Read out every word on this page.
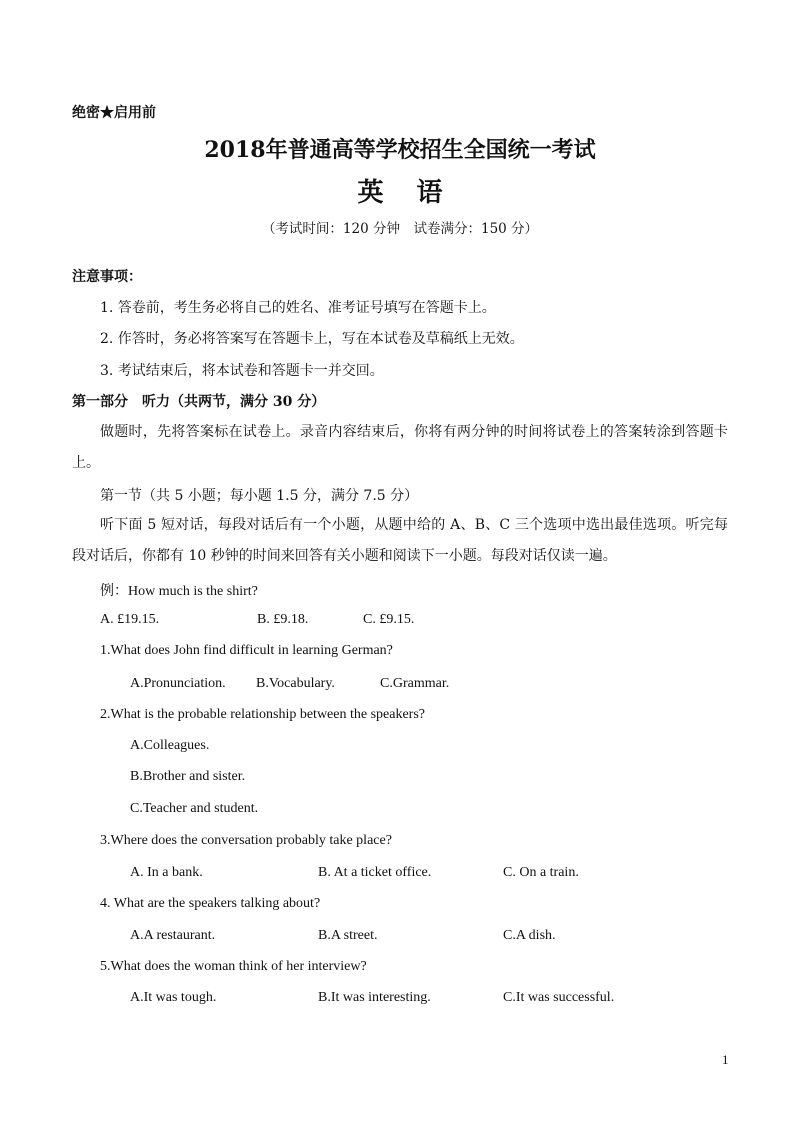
绝密★启用前
2018年普通高等学校招生全国统一考试
英 语
（考试时间：120 分钟　试卷满分：150 分）
注意事项：
1. 答卷前，考生务必将自己的姓名、准考证号填写在答题卡上。
2. 作答时，务必将答案写在答题卡上，写在本试卷及草稿纸上无效。
3. 考试结束后，将本试卷和答题卡一并交回。
第一部分　听力（共两节，满分 30 分）
做题时，先将答案标在试卷上。录音内容结束后，你将有两分钟的时间将试卷上的答案转涂到答题卡上。
第一节（共 5 小题；每小题 1.5 分，满分 7.5 分）
听下面 5 短对话，每段对话后有一个小题，从题中给的 A、B、C 三个选项中选出最佳选项。听完每段对话后，你都有 10 秒钟的时间来回答有关小题和阅读下一小题。每段对话仅读一遍。
例：How much is the shirt?
A. £19.15.	B. £9.18.	C. £9.15.
1.What does John find difficult in learning German?
A.Pronunciation. B.Vocabulary.	C.Grammar.
2.What is the probable relationship between the speakers?
A.Colleagues.
B.Brother and sister.
C.Teacher and student.
3.Where does the conversation probably take place?
A. In a bank.	B. At a ticket office.	C. On a train.
4. What are the speakers talking about?
A.A restaurant.	B.A street.	C.A dish.
5.What does the woman think of her interview?
A.It was tough.	B.It was interesting.	C.It was successful.
1
